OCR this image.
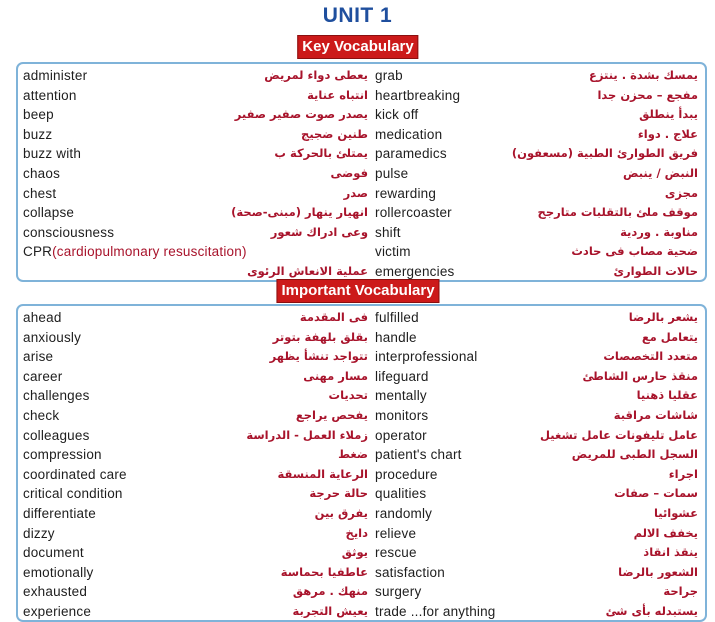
UNIT 1
administer	يعطى دواء لمريض
attention	انتباه عناية
beep	يصدر صوت صفير صفير
buzz	طنين ضجيج
buzz with	يمتلئ بالحركة ب
chaos	فوضى
chest	صدر
collapse	انهيار ينهار (مبنى-صحة)
consciousness	وعى ادراك شعور
CPR(cardiopulmonary resuscitation)
عملية الانعاش الرئوى
grab	يمسك بشدة . ينتزع
heartbreaking	مفجع – محزن جدا
kick off	يبدأ ينطلق
medication	علاج . دواء
paramedics	فريق الطوارئ الطبية (مسعفون)
pulse	النبض / ينبض
rewarding	مجزى
rollercoaster	موقف ملئ بالتقلبات متارجح
shift	مناوبة . وردية
victim	ضحية مصاب فى حادث
emergencies	حالات الطوارئ
Key Vocabulary
ahead	فى المقدمة
anxiously	بقلق بلهفة بتوتر
arise	تتواجد تنشأ يظهر
career	مسار مهنى
challenges	تحديات
check	يفحص يراجع
colleagues	زملاء العمل - الدراسة
compression	ضغط
coordinated care	الرعاية المنسقة
critical condition	حالة حرجة
differentiate	يفرق بين
dizzy	دايخ
document	يوثق
emotionally	عاطفيا بحماسة
exhausted	منهك . مرهق
experience	يعيش التجربة
fulfilled	يشعر بالرضا
handle	يتعامل مع
interprofessional	متعدد التخصصات
lifeguard	منقذ حارس الشاطئ
mentally	عقليا ذهنيا
monitors	شاشات مراقبة
operator	عامل تليفونات عامل تشغيل
patient's chart	السجل الطبى للمريض
procedure	اجراء
qualities	سمات – صفات
randomly	عشوائيا
relieve	يخفف الالم
rescue	ينقذ انقاذ
satisfaction	الشعور بالرضا
surgery	جراحة
trade ...for anything	يستبدله بأى شئ
Important Vocabulary
